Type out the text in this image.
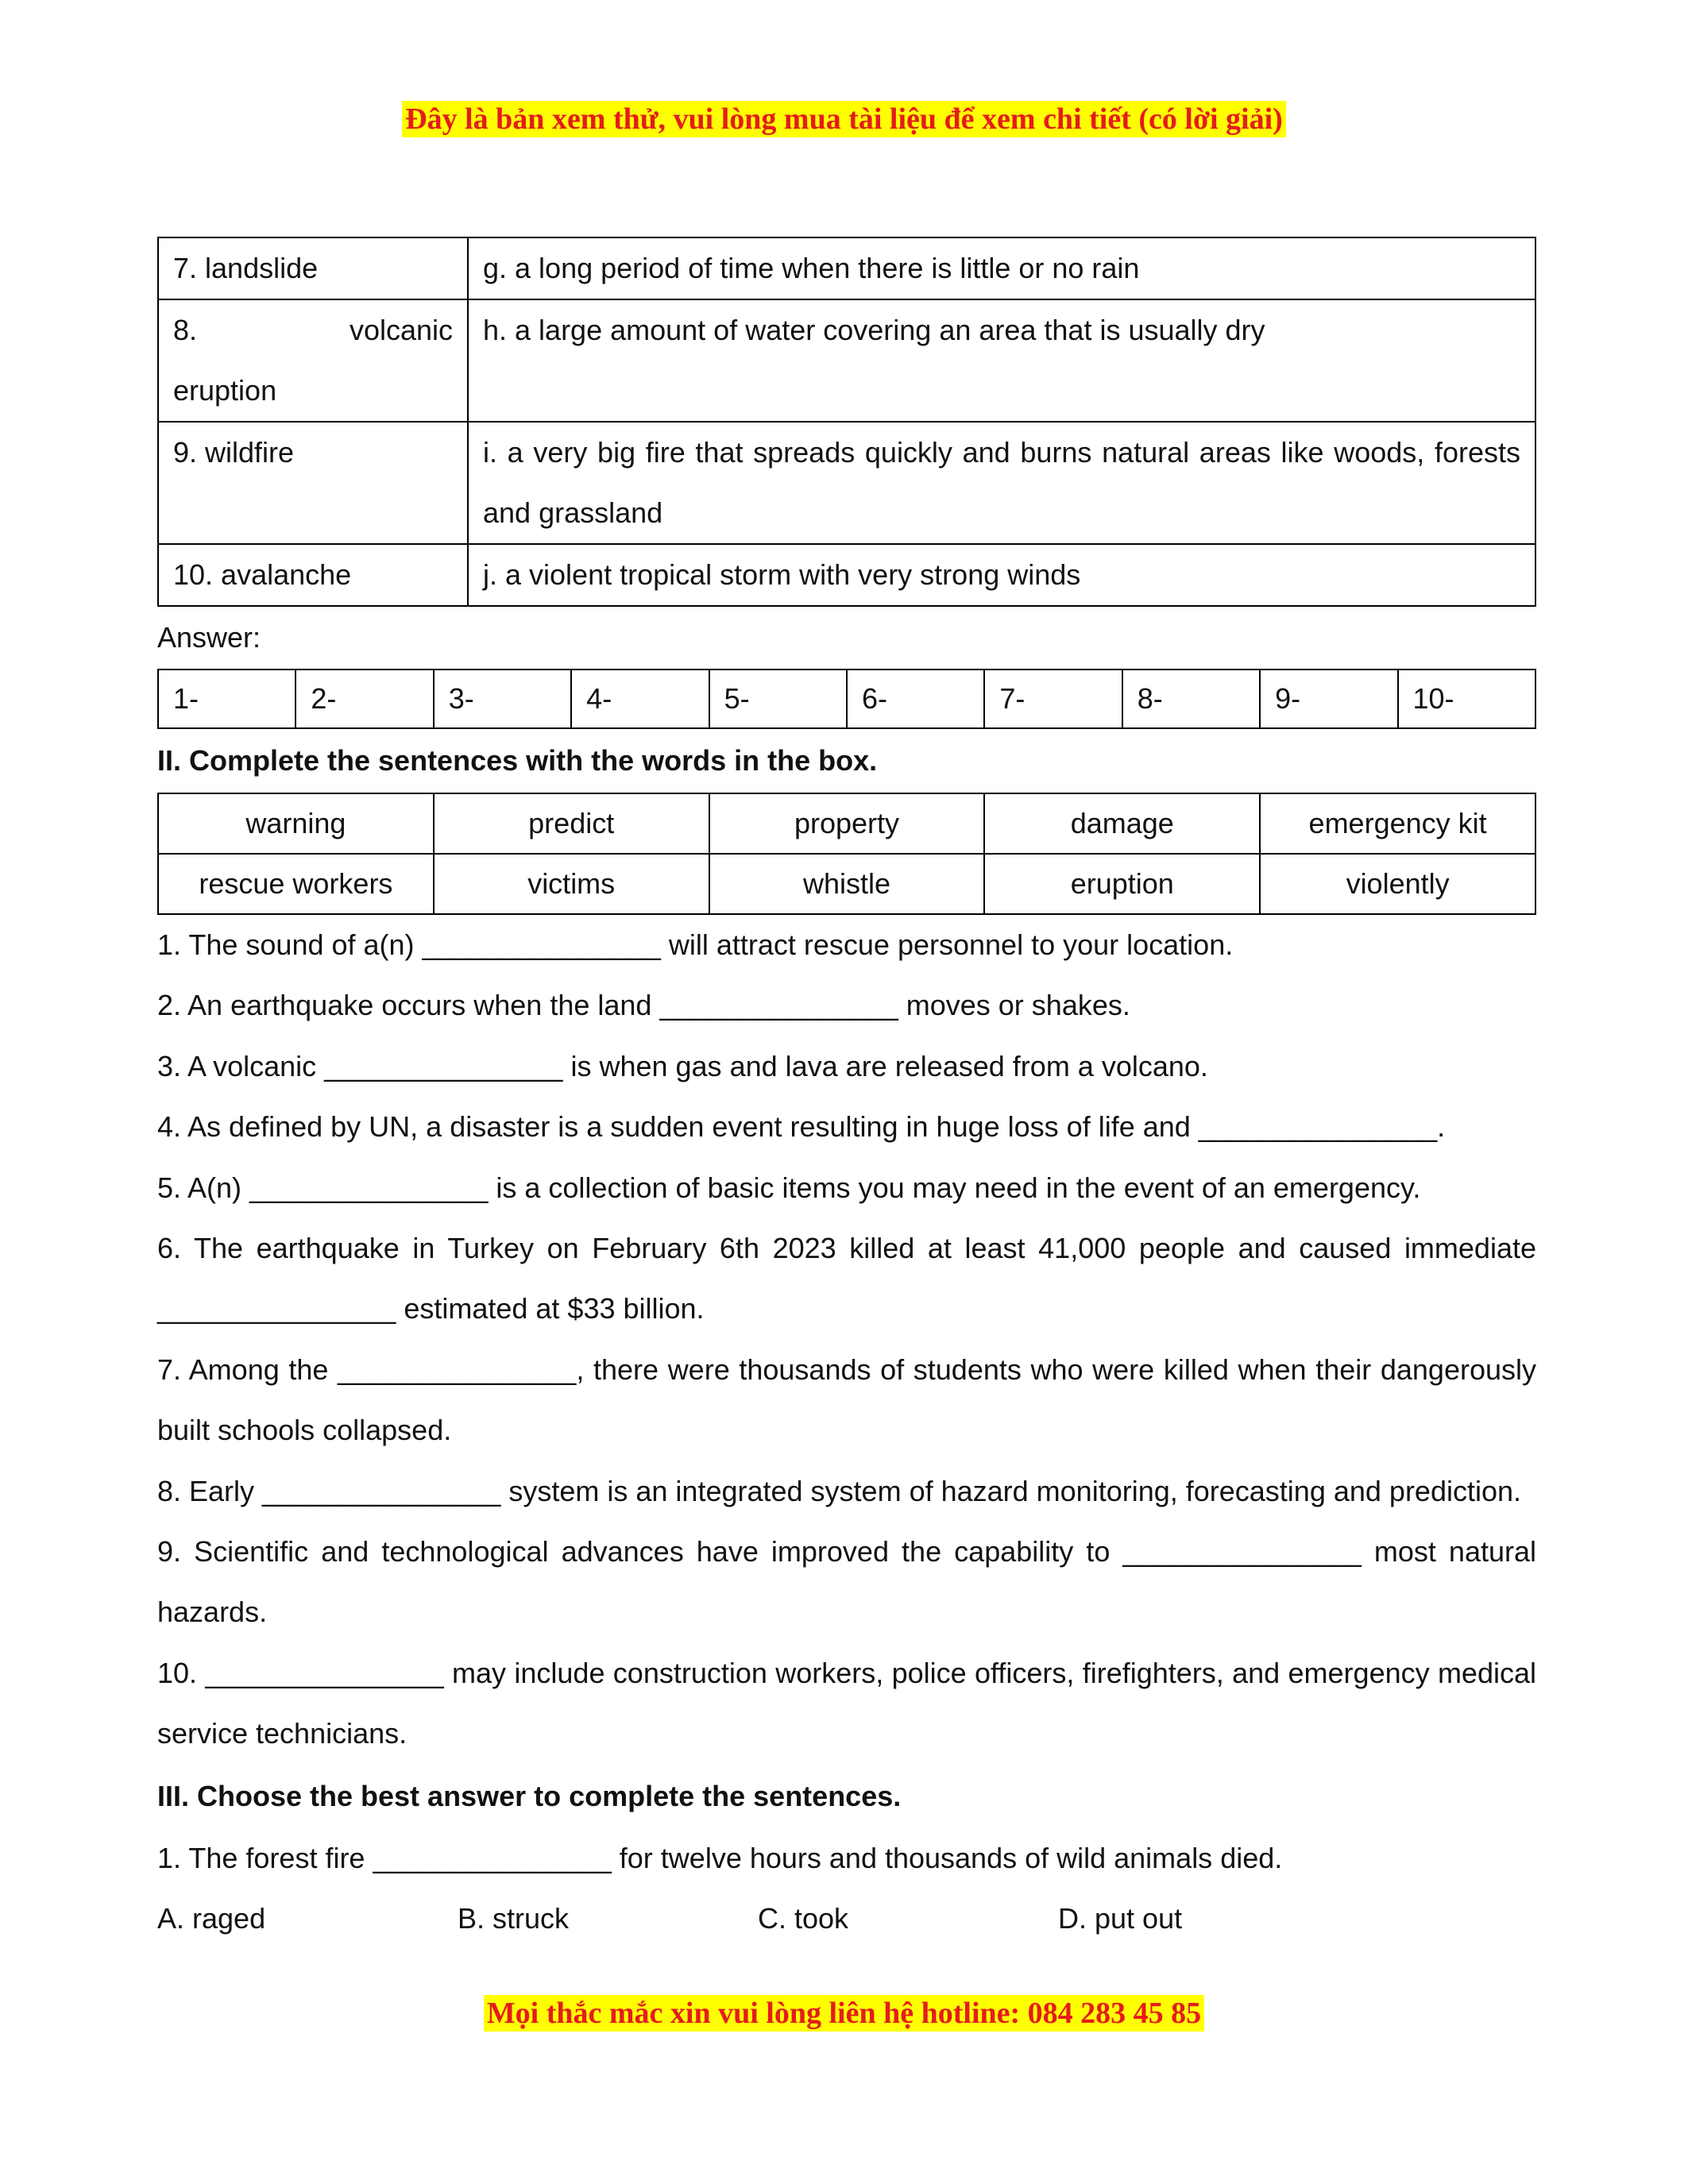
Đây là bản xem thử, vui lòng mua tài liệu để xem chi tiết (có lời giải)
7. landslide	g. a long period of time when there is little or no rain

8. volcanic
eruption	h. a large amount of water covering an area that is usually dry
9. wildfire	i. a very big fire that spreads quickly and burns natural areas like woods, forests and grassland
10. avalanche	j. a violent tropical storm with very strong winds
Answer:
1-	2-	3-	4-	5-	6-	7-	8-	9-	10-
II. Complete the sentences with the words in the box.
warning	predict	property	damage	emergency kit
rescue workers	victims	whistle	eruption	violently
1. The sound of a(n) _______________ will attract rescue personnel to your location.
2. An earthquake occurs when the land _______________ moves or shakes.
3. A volcanic _______________ is when gas and lava are released from a volcano.
4. As defined by UN, a disaster is a sudden event resulting in huge loss of life and _______________.
5. A(n) _______________ is a collection of basic items you may need in the event of an emergency.
6. The earthquake in Turkey on February 6th 2023 killed at least 41,000 people and caused immediate _______________ estimated at $33 billion.
7. Among the _______________, there were thousands of students who were killed when their dangerously built schools collapsed.
8. Early _______________ system is an integrated system of hazard monitoring, forecasting and prediction.
9. Scientific and technological advances have improved the capability to _______________ most natural hazards.
10. _______________ may include construction workers, police officers, firefighters, and emergency medical service technicians.
III. Choose the best answer to complete the sentences.
1. The forest fire _______________ for twelve hours and thousands of wild animals died.
A. raged	B. struck	C. took	D. put out
Mọi thắc mắc xin vui lòng liên hệ hotline: 084 283 45 85
